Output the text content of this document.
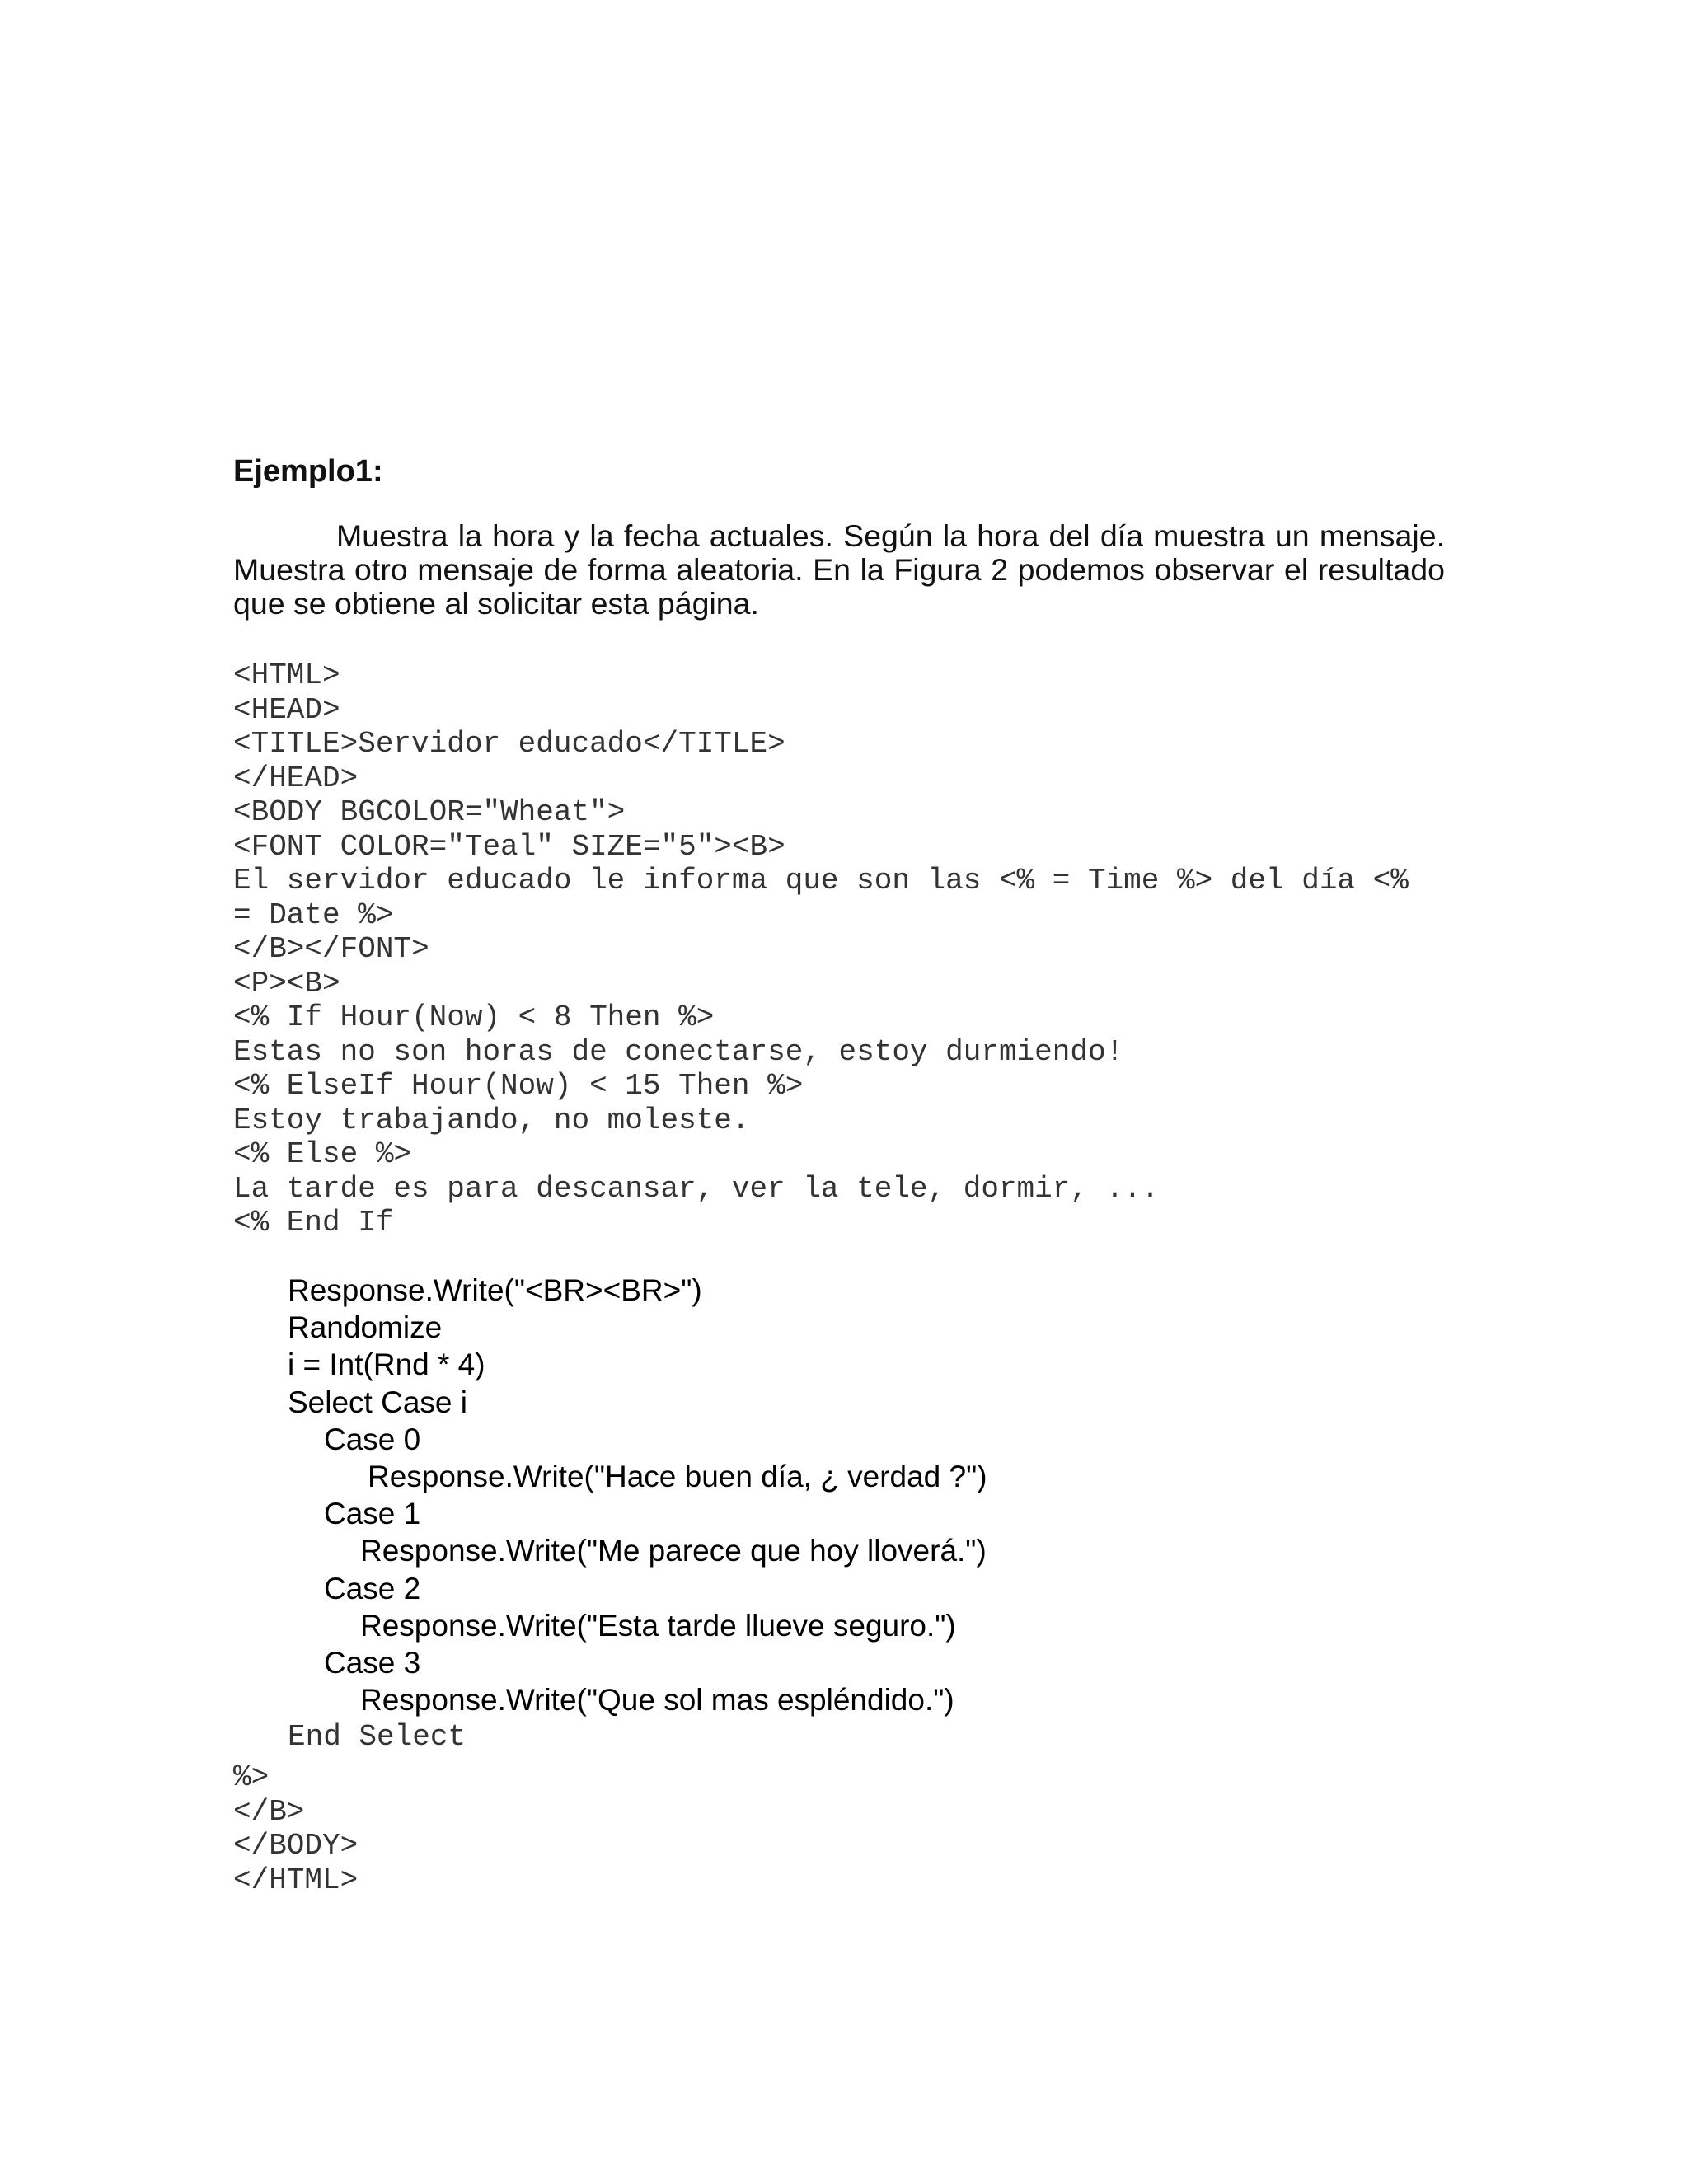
Ejemplo1:

Muestra la hora y la fecha actuales. Según la hora del día muestra un mensaje. Muestra otro mensaje de forma aleatoria. En la Figura 2 podemos observar el resultado que se obtiene al solicitar esta página.

<HTML>
<HEAD>
<TITLE>Servidor educado</TITLE>
</HEAD>
<BODY BGCOLOR="Wheat">
<FONT COLOR="Teal" SIZE="5"><B>
El servidor educado le informa que son las <% = Time %> del día <%
= Date %>
</B></FONT>
<P><B>
<% If Hour(Now) < 8 Then %>
Estas no son horas de conectarse, estoy durmiendo!
<% ElseIf Hour(Now) < 15 Then %>
Estoy trabajando, no moleste.
<% Else %>
La tarde es para descansar, ver la tele, dormir, ...
<% End If
Response.Write("<BR><BR>")
Randomize
i = Int(Rnd * 4)
Select Case i
Case 0
Response.Write("Hace buen día, ¿ verdad ?")
Case 1
Response.Write("Me parece que hoy lloverá.")
Case 2
Response.Write("Esta tarde llueve seguro.")
Case 3
Response.Write("Que sol mas espléndido.")
End Select
%>
</B>
</BODY>
</HTML>
